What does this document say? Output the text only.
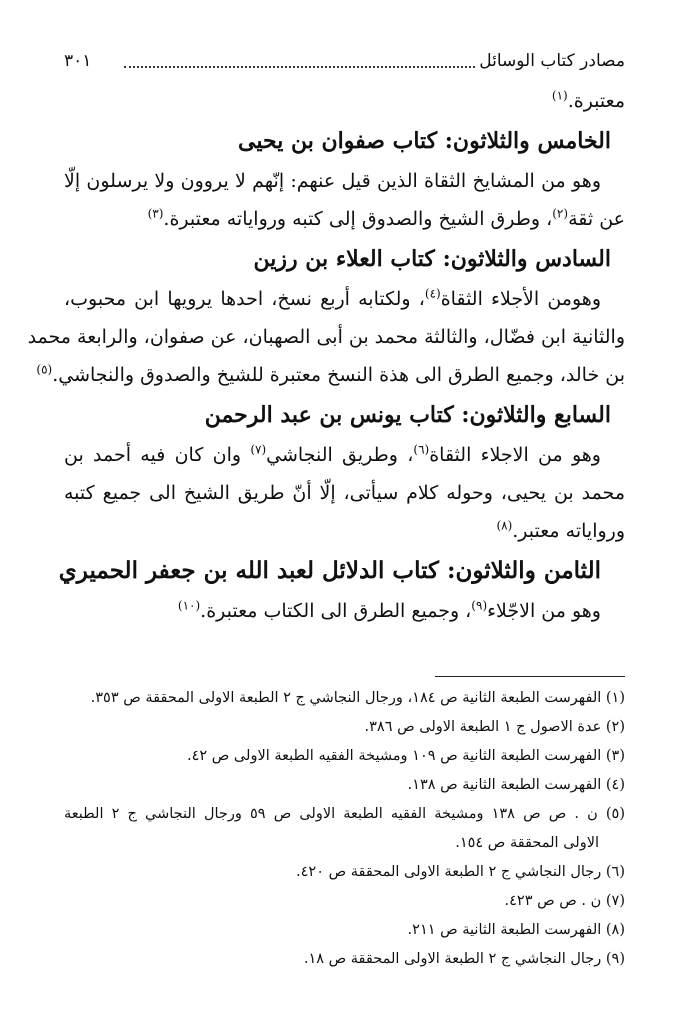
مصادر كتاب الوسائل
٣٠١
معتبرة.$^{(١)}$
الخامس والثلاثون: كتاب صفوان بن يحيى
وهو من المشايخ الثقاة الذين قيل عنهم: إنّهم لا يروون ولا يرسلون إلّا
عن ثقة$^{(٢)}$، وطرق الشيخ والصدوق إلى كتبه ورواياته معتبرة.$^{(٣)}$
السادس والثلاثون: كتاب العلاء بن رزين
وهومن الأجلاء الثقاة$^{(٤)}$، ولكتابه أربع نسخ، احدها يرويها ابن محبوب،
والثانية ابن فضّال، والثالثة محمد بن أبى الصهبان، عن صفوان، والرابعة محمد
بن خالد، وجميع الطرق الى هذة النسخ معتبرة للشيخ والصدوق والنجاشي.$^{(٥)}$
السابع والثلاثون: كتاب يونس بن عبد الرحمن
وهو من الاجلاء الثقاة$^{(٦)}$، وطريق النجاشي$^{(٧)}$ وان كان فيه أحمد بن
محمد بن يحيى، وحوله كلام سيأتى، إلّا أنّ طريق الشيخ الى جميع كتبه
ورواياته معتبر.$^{(٨)}$
الثامن والثلاثون: كتاب الدلائل لعبد الله بن جعفر الحميري
وهو من الاجّلاء$^{(٩)}$، وجميع الطرق الى الكتاب معتبرة.$^{(١٠)}$
(١) الفهرست الطبعة الثانية ص ١٨٤، ورجال النجاشي ج ٢ الطبعة الاولى المحققة ص ٣٥٣.
(٢) عدة الاصول ج ١ الطبعة الاولى ص ٣٨٦.
(٣) الفهرست الطبعة الثانية ص ١٠٩ ومشيخة الفقيه الطبعة الاولى ص ٤٢.
(٤) الفهرست الطبعة الثانية ص ١٣٨.
(٥) ن . ص ص ١٣٨ ومشيخة الفقيه الطبعة الاولى ص ٥٩ ورجال النجاشي ج ٢ الطبعة
الاولى المحققة ص ١٥٤.
(٦) رجال النجاشي ج ٢ الطبعة الاولى المحققة ص ٤٢٠.
(٧) ن . ص ص ٤٢٣.
(٨) الفهرست الطبعة الثانية ص ٢١١.
(٩) رجال النجاشي ج ٢ الطبعة الاولى المحققة ص ١٨.
